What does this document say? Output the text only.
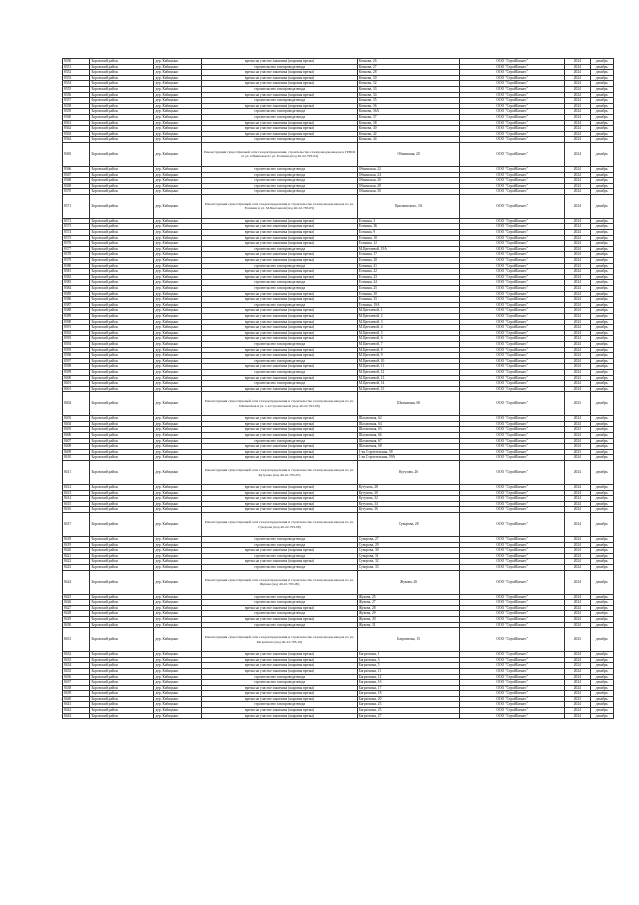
8350	Боровский район	дер. Кабицыно	врезка на участке заказчика (шаровая врезка)	Кочкова, 26	ООО "СтройБизнес"	2024	декабрь
8351	Боровский район	дер. Кабицыно	строительство газопровода-ввода	Кочкова, 27	ООО "СтройБизнес"	2024	декабрь
8352	Боровский район	дер. Кабицыно	врезка на участке заказчика (шаровая врезка)	Кочкова, 28	ООО "СтройБизнес"	2024	декабрь
8353	Боровский район	дер. Кабицыно	врезка на участке заказчика (шаровая врезка)	Кочкова, 30	ООО "СтройБизнес"	2024	декабрь
8354	Боровский район	дер. Кабицыно	врезка на участке заказчика (шаровая врезка)	Кочкова, 32	ООО "СтройБизнес"	2024	декабрь
8355	Боровский район	дер. Кабицыно	строительство газопровода-ввода	Кочкова, 33	ООО "СтройБизнес"	2024	декабрь
8356	Боровский район	дер. Кабицыно	врезка на участке заказчика (шаровая врезка)	Кочкова, 34	ООО "СтройБизнес"	2024	декабрь
8357	Боровский район	дер. Кабицыно	строительство газопровода-ввода	Кочкова, 35	ООО "СтройБизнес"	2024	декабрь
8358	Боровский район	дер. Кабицыно	врезка на участке заказчика (шаровая врезка)	Кочкова, 36	ООО "СтройБизнес"	2024	декабрь
8359	Боровский район	дер. Кабицыно	строительство газопровода-ввода	Кочкова, 36А	ООО "СтройБизнес"	2024	декабрь
8360	Боровский район	дер. Кабицыно	строительство газопровода-ввода	Кочкова, 37	ООО "СтройБизнес"	2024	декабрь
8361	Боровский район	дер. Кабицыно	врезка на участке заказчика (шаровая врезка)	Кочкова, 38	ООО "СтройБизнес"	2024	декабрь
8362	Боровский район	дер. Кабицыно	врезка на участке заказчика (шаровая врезка)	Кочкова, 40	ООО "СтройБизнес"	2024	декабрь
8363	Боровский район	дер. Кабицыно	врезка на участке заказчика (шаровая врезка)	Кочкова, 42	ООО "СтройБизнес"	2024	декабрь
8364	Боровский район	дер. Кабицыно	строительство газопровода-ввода	Кочкова, 44	ООО "СтройБизнес"	2024	декабрь
8365	Боровский район	дер. Кабицыно	Реконструкция существующей сети газораспределения, строительство газопроводов-вводов к ГРПШ от ул. Обнинская по ул. Есенина (под 40-22-793-04)	Обнинская, 20	ООО "СтройБизнес"	2024	декабрь
8366	Боровский район	дер. Кабицыно	строительство газопровода-ввода	Обнинская, 22	ООО "СтройБизнес"	2024	декабрь
8367	Боровский район	дер. Кабицыно	строительство газопровода-ввода	Обнинская, 24	ООО "СтройБизнес"	2024	декабрь
8368	Боровский район	дер. Кабицыно	строительство газопровода-ввода	Обнинская, 26	ООО "СтройБизнес"	2024	декабрь
8369	Боровский район	дер. Кабицыно	строительство газопровода-ввода	Обнинская, 28	ООО "СтройБизнес"	2024	декабрь
8370	Боровский район	дер. Кабицыно	строительство газопровода-ввода	Обнинская, 30	ООО "СтройБизнес"	2024	декабрь
8371	Боровский район	дер. Кабицыно	Реконструкция существующей сети газораспределения и строительство газопроводов-вводов по ул. Есенина и ул. М.Цветаевой (под 40-22-793-05)	Циолковского, 3А	ООО "СтройБизнес"	2024	декабрь
8372	Боровский район	дер. Кабицыно	врезка на участке заказчика (шаровая врезка)	Есенина, 3	ООО "СтройБизнес"	2024	декабрь
8373	Боровский район	дер. Кабицыно	врезка на участке заказчика (шаровая врезка)	Есенина, 3Б	ООО "СтройБизнес"	2024	декабрь
8374	Боровский район	дер. Кабицыно	врезка на участке заказчика (шаровая врезка)	Есенина, 9	ООО "СтройБизнес"	2024	декабрь
8375	Боровский район	дер. Кабицыно	врезка на участке заказчика (шаровая врезка)	Есенина, 10	ООО "СтройБизнес"	2024	декабрь
8376	Боровский район	дер. Кабицыно	врезка на участке заказчика (шаровая врезка)	Есенина, 12	ООО "СтройБизнес"	2024	декабрь
8377	Боровский район	дер. Кабицыно	строительство газопровода-ввода	М.Цветаевой, 19А	ООО "СтройБизнес"	2024	декабрь
8378	Боровский район	дер. Кабицыно	врезка на участке заказчика (шаровая врезка)	Есенина, 17	ООО "СтройБизнес"	2024	декабрь
8379	Боровский район	дер. Кабицыно	врезка на участке заказчика (шаровая врезка)	Есенина, 20	ООО "СтройБизнес"	2024	декабрь
8380	Боровский район	дер. Кабицыно	строительство газопровода-ввода	Есенина, 21	ООО "СтройБизнес"	2024	декабрь
8381	Боровский район	дер. Кабицыно	врезка на участке заказчика (шаровая врезка)	Есенина, 22	ООО "СтройБизнес"	2024	декабрь
8382	Боровский район	дер. Кабицыно	врезка на участке заказчика (шаровая врезка)	Есенина, 23	ООО "СтройБизнес"	2024	декабрь
8383	Боровский район	дер. Кабицыно	строительство газопровода-ввода	Есенина, 24	ООО "СтройБизнес"	2024	декабрь
8384	Боровский район	дер. Кабицыно	строительство газопровода-ввода	Есенина, 25	ООО "СтройБизнес"	2024	декабрь
8385	Боровский район	дер. Кабицыно	врезка на участке заказчика (шаровая врезка)	Есенина, 30	ООО "СтройБизнес"	2024	декабрь
8386	Боровский район	дер. Кабицыно	врезка на участке заказчика (шаровая врезка)	Есенина, 35	ООО "СтройБизнес"	2024	декабрь
8387	Боровский район	дер. Кабицыно	строительство газопровода-ввода	Есенина, 19А	ООО "СтройБизнес"	2024	декабрь
8388	Боровский район	дер. Кабицыно	врезка на участке заказчика (шаровая врезка)	М.Цветаевой, 1	ООО "СтройБизнес"	2024	декабрь
8389	Боровский район	дер. Кабицыно	врезка на участке заказчика (шаровая врезка)	М.Цветаевой, 2	ООО "СтройБизнес"	2024	декабрь
8390	Боровский район	дер. Кабицыно	врезка на участке заказчика (шаровая врезка)	М.Цветаевой, 3	ООО "СтройБизнес"	2024	декабрь
8391	Боровский район	дер. Кабицыно	врезка на участке заказчика (шаровая врезка)	М.Цветаевой, 4	ООО "СтройБизнес"	2024	декабрь
8392	Боровский район	дер. Кабицыно	врезка на участке заказчика (шаровая врезка)	М.Цветаевой, 5	ООО "СтройБизнес"	2024	декабрь
8393	Боровский район	дер. Кабицыно	врезка на участке заказчика (шаровая врезка)	М.Цветаевой, 6	ООО "СтройБизнес"	2024	декабрь
8394	Боровский район	дер. Кабицыно	строительство газопровода-ввода	М.Цветаевой, 7	ООО "СтройБизнес"	2024	декабрь
8395	Боровский район	дер. Кабицыно	врезка на участке заказчика (шаровая врезка)	М.Цветаевой, 8	ООО "СтройБизнес"	2024	декабрь
8396	Боровский район	дер. Кабицыно	врезка на участке заказчика (шаровая врезка)	М.Цветаевой, 9	ООО "СтройБизнес"	2024	декабрь
8397	Боровский район	дер. Кабицыно	строительство газопровода-ввода	М.Цветаевой, 10	ООО "СтройБизнес"	2024	декабрь
8398	Боровский район	дер. Кабицыно	врезка на участке заказчика (шаровая врезка)	М.Цветаевой, 11	ООО "СтройБизнес"	2024	декабрь
8399	Боровский район	дер. Кабицыно	строительство газопровода-ввода	М.Цветаевой, 12	ООО "СтройБизнес"	2024	декабрь
8400	Боровский район	дер. Кабицыно	врезка на участке заказчика (шаровая врезка)	М.Цветаевой, 13	ООО "СтройБизнес"	2024	декабрь
8401	Боровский район	дер. Кабицыно	строительство газопровода-ввода	М.Цветаевой, 14	ООО "СтройБизнес"	2024	декабрь
8401	Боровский район	дер. Кабицыно	врезка на участке заказчика (шаровая врезка)	М.Цветаевой, 15	ООО "СтройБизнес"	2024	декабрь
8402	Боровский район	дер. Кабицыно	Реконструкция существующей сети газораспределения и строительство газопроводов-вводов по ул. Шахматная и ул. 1-я Строительная (под 40-22-793-06)	Шахматная, 60	ООО "СтройБизнес"	2023	декабрь
8403	Боровский район	дер. Кабицыно	врезка на участке заказчика (шаровая врезка)	Шахматная, 62	ООО "СтройБизнес"	2024	декабрь
8404	Боровский район	дер. Кабицыно	врезка на участке заказчика (шаровая врезка)	Шахматная, 64	ООО "СтройБизнес"	2024	декабрь
8405	Боровский район	дер. Кабицыно	врезка на участке заказчика (шаровая врезка)	Шахматная, 65	ООО "СтройБизнес"	2023	декабрь
8406	Боровский район	дер. Кабицыно	врезка на участке заказчика (шаровая врезка)	Шахматная, 66	ООО "СтройБизнес"	2024	декабрь
8407	Боровский район	дер. Кабицыно	строительство газопровода-ввода	Шахматная, 67	ООО "СтройБизнес"	2024	декабрь
8408	Боровский район	дер. Кабицыно	врезка на участке заказчика (шаровая врезка)	Шахматная, 68	ООО "СтройБизнес"	2024	декабрь
8409	Боровский район	дер. Кабицыно	врезка на участке заказчика (шаровая врезка)	1-ая Строительная, 58	ООО "СтройБизнес"	2023	декабрь
8410	Боровский район	дер. Кабицыно	врезка на участке заказчика (шаровая врезка)	1-ая Строительная, 59А	ООО "СтройБизнес"	2024	декабрь
8411	Боровский район	дер. Кабицыно	Реконструкция существующей сети газораспределения и строительство газопроводов-вводов по ул. Кутузова (под 40-22-793-07)	Кутузова, 26	ООО "СтройБизнес"	2024	декабрь
8412	Боровский район	дер. Кабицыно	врезка на участке заказчика (шаровая врезка)	Кутузова, 28	ООО "СтройБизнес"	2024	декабрь
8413	Боровский район	дер. Кабицыно	врезка на участке заказчика (шаровая врезка)	Кутузова, 30	ООО "СтройБизнес"	2024	декабрь
8414	Боровский район	дер. Кабицыно	врезка на участке заказчика (шаровая врезка)	Кутузова, 32	ООО "СтройБизнес"	2024	декабрь
8415	Боровский район	дер. Кабицыно	врезка на участке заказчика (шаровая врезка)	Кутузова, 34	ООО "СтройБизнес"	2024	декабрь
8416	Боровский район	дер. Кабицыно	врезка на участке заказчика (шаровая врезка)	Кутузова, 36	ООО "СтройБизнес"	2024	декабрь
8417	Боровский район	дер. Кабицыно	Реконструкция существующей сети газораспределения и строительство газопроводов-вводов по ул. Суворова (под 40-22-793-08)	Суворова, 28	ООО "СтройБизнес"	2024	декабрь
8418	Боровский район	дер. Кабицыно	строительство газопровода-ввода	Суворова, 27	ООО "СтройБизнес"	2024	декабрь
8419	Боровский район	дер. Кабицыно	строительство газопровода-ввода	Суворова, 29	ООО "СтройБизнес"	2024	декабрь
8420	Боровский район	дер. Кабицыно	врезка на участке заказчика (шаровая врезка)	Суворова, 30	ООО "СтройБизнес"	2024	декабрь
8421	Боровский район	дер. Кабицыно	строительство газопровода-ввода	Суворова, 31	ООО "СтройБизнес"	2024	декабрь
8422	Боровский район	дер. Кабицыно	врезка на участке заказчика (шаровая врезка)	Суворова, 32	ООО "СтройБизнес"	2024	декабрь
8423	Боровский район	дер. Кабицыно	строительство газопровода-ввода	Суворова, 33	ООО "СтройБизнес"	2024	декабрь
8424	Боровский район	дер. Кабицыно	Реконструкция существующей сети газораспределения и строительство газопроводов-вводов по ул. Жукова (под 40-22-793-09)	Жукова, 26	ООО "СтройБизнес"	2024	декабрь
8425	Боровский район	дер. Кабицыно	строительство газопровода-ввода	Жукова, 25	ООО "СтройБизнес"	2024	декабрь
8426	Боровский район	дер. Кабицыно	строительство газопровода-ввода	Жукова, 27	ООО "СтройБизнес"	2024	декабрь
8427	Боровский район	дер. Кабицыно	врезка на участке заказчика (шаровая врезка)	Жукова, 28	ООО "СтройБизнес"	2024	декабрь
8428	Боровский район	дер. Кабицыно	строительство газопровода-ввода	Жукова, 29	ООО "СтройБизнес"	2024	декабрь
8429	Боровский район	дер. Кабицыно	врезка на участке заказчика (шаровая врезка)	Жукова, 30	ООО "СтройБизнес"	2024	декабрь
8430	Боровский район	дер. Кабицыно	строительство газопровода-ввода	Жукова, 31	ООО "СтройБизнес"	2024	декабрь
8431	Боровский район	дер. Кабицыно	Реконструкция существующей сети газораспределения и строительство газопроводов-вводов по ул. Багратиона (под 40-22-793-10)	Багратиона, 15	ООО "СтройБизнес"	2023	декабрь
8432	Боровский район	дер. Кабицыно	врезка на участке заказчика (шаровая врезка)	Багратиона, 1	ООО "СтройБизнес"	2024	декабрь
8433	Боровский район	дер. Кабицыно	врезка на участке заказчика (шаровая врезка)	Багратиона, 3	ООО "СтройБизнес"	2024	декабрь
8434	Боровский район	дер. Кабицыно	врезка на участке заказчика (шаровая врезка)	Багратиона, 5	ООО "СтройБизнес"	2024	декабрь
8435	Боровский район	дер. Кабицыно	врезка на участке заказчика (шаровая врезка)	Багратиона, 11	ООО "СтройБизнес"	2024	декабрь
8436	Боровский район	дер. Кабицыно	строительство газопровода-ввода	Багратиона, 12	ООО "СтройБизнес"	2024	декабрь
8437	Боровский район	дер. Кабицыно	строительство газопровода-ввода	Багратиона, 16	ООО "СтройБизнес"	2024	декабрь
8438	Боровский район	дер. Кабицыно	врезка на участке заказчика (шаровая врезка)	Багратиона, 17	ООО "СтройБизнес"	2024	декабрь
8439	Боровский район	дер. Кабицыно	врезка на участке заказчика (шаровая врезка)	Багратиона, 18	ООО "СтройБизнес"	2024	декабрь
8440	Боровский район	дер. Кабицыно	врезка на участке заказчика (шаровая врезка)	Багратиона, 20	ООО "СтройБизнес"	2023	декабрь
8441	Боровский район	дер. Кабицыно	строительство газопровода-ввода	Багратиона, 23	ООО "СтройБизнес"	2024	декабрь
8442	Боровский район	дер. Кабицыно	врезка на участке заказчика (шаровая врезка)	Багратиона, 25	ООО "СтройБизнес"	2024	декабрь
8443	Боровский район	дер. Кабицыно	врезка на участке заказчика (шаровая врезка)	Багратиона, 27	ООО "СтройБизнес"	2024	декабрь
